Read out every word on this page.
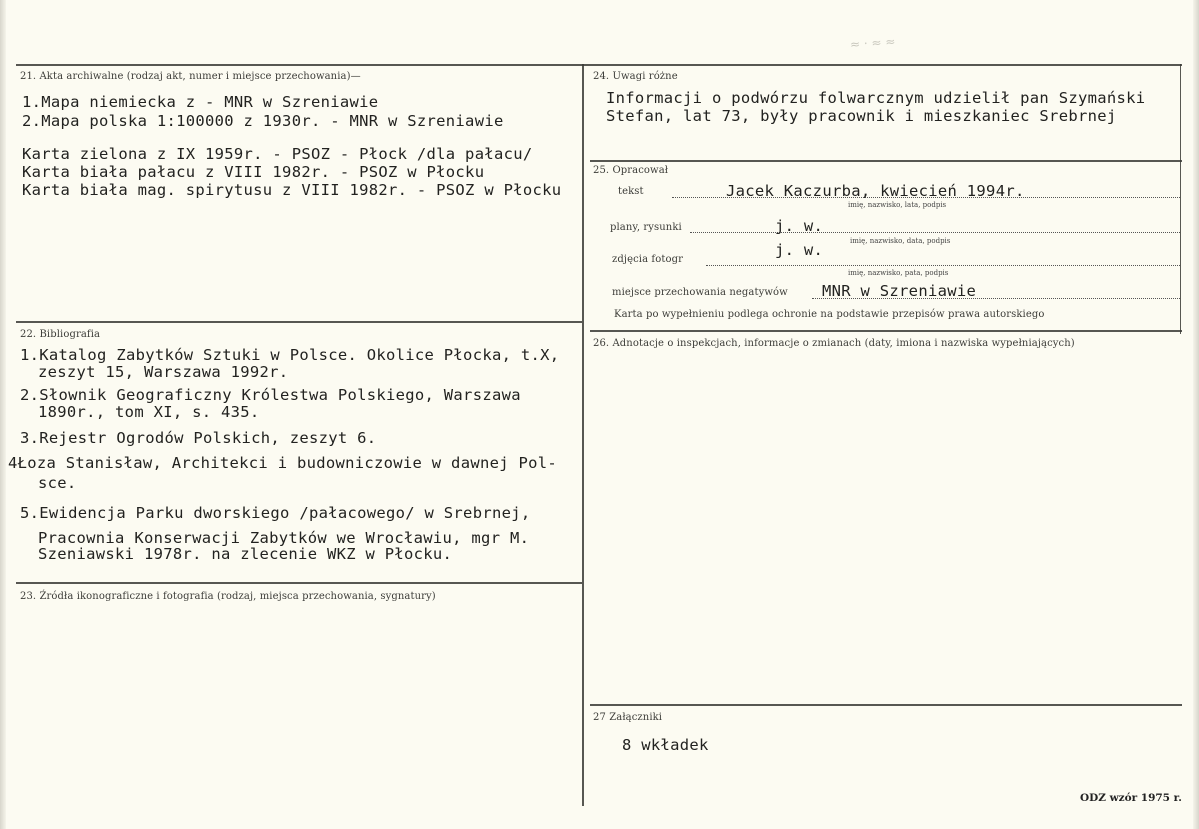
≈ · ≈ ≈
21. Akta archiwalne (rodzaj akt, numer i miejsce przechowania)—
1.Mapa niemiecka z - MNR w Szreniawie
2.Mapa polska 1:100000 z 1930r. - MNR w Szreniawie
Karta zielona z IX 1959r. - PSOZ - Płock /dla pałacu/
Karta biała pałacu z VIII 1982r. - PSOZ w Płocku
Karta biała mag. spirytusu z VIII 1982r. - PSOZ w Płocku
22. Bibliografia
1.Katalog Zabytków Sztuki w Polsce. Okolice Płocka, t.X,
zeszyt 15, Warszawa 1992r.
2.Słownik Geograficzny Królestwa Polskiego, Warszawa
1890r., tom XI, s. 435.
3.Rejestr Ogrodów Polskich, zeszyt 6.
4Łoza Stanisław, Architekci i budowniczowie w dawnej Pol-
sce.
5.Ewidencja Parku dworskiego /pałacowego/ w Srebrnej,
Pracownia Konserwacji Zabytków we Wrocławiu, mgr M.
Szeniawski 1978r. na zlecenie WKZ w Płocku.
23. Źródła ikonograficzne i fotografia (rodzaj, miejsca przechowania, sygnatury)
24. Uwagi różne
Informacji o podwórzu folwarcznym udzielił pan Szymański
Stefan, lat 73, były pracownik i mieszkaniec Srebrnej
25. Opracował
tekst	Jacek Kaczurba, kwiecień 1994r.
imię, nazwisko, lata, podpis
plany, rysunki	j. w.
imię, nazwisko, data, podpis
zdjęcia fotogr
j. w.
imię, nazwisko, pata, podpis
miejsce przechowania negatywów MNR w Szreniawie
Karta po wypełnieniu podlega ochronie na podstawie przepisów prawa autorskiego
26. Adnotacje o inspekcjach, informacje o zmianach (daty, imiona i nazwiska wypełniających)
27 Załączniki
8 wkładek
ODZ wzór 1975 r.
